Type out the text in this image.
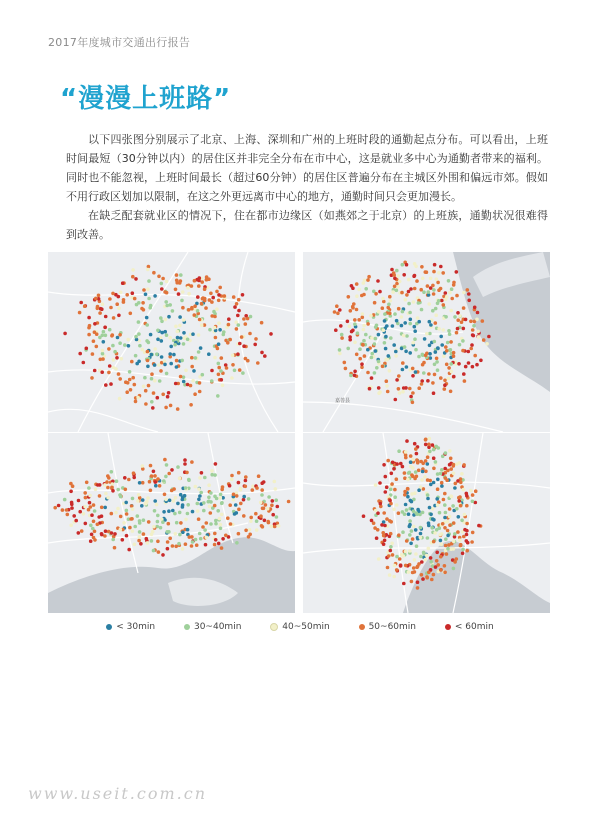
2017年度城市交通出行报告
“漫漫上班路”
以下四张图分别展示了北京、上海、深圳和广州的上班时段的通勤起点分布。可以看出，上班时间最短（30分钟以内）的居住区并非完全分布在市中心，这是就业多中心为通勤者带来的福利。同时也不能忽视，上班时间最长（超过60分钟）的居住区普遍分布在主城区外围和偏远市郊。假如不用行政区划加以限制，在这之外更远离市中心的地方，通勤时间只会更加漫长。
在缺乏配套就业区的情况下，住在都市边缘区（如燕郊之于北京）的上班族，通勤状况很难得到改善。
嘉善县
< 30min	30~40min	40~50min	50~60min	< 60min
www.useit.com.cn
